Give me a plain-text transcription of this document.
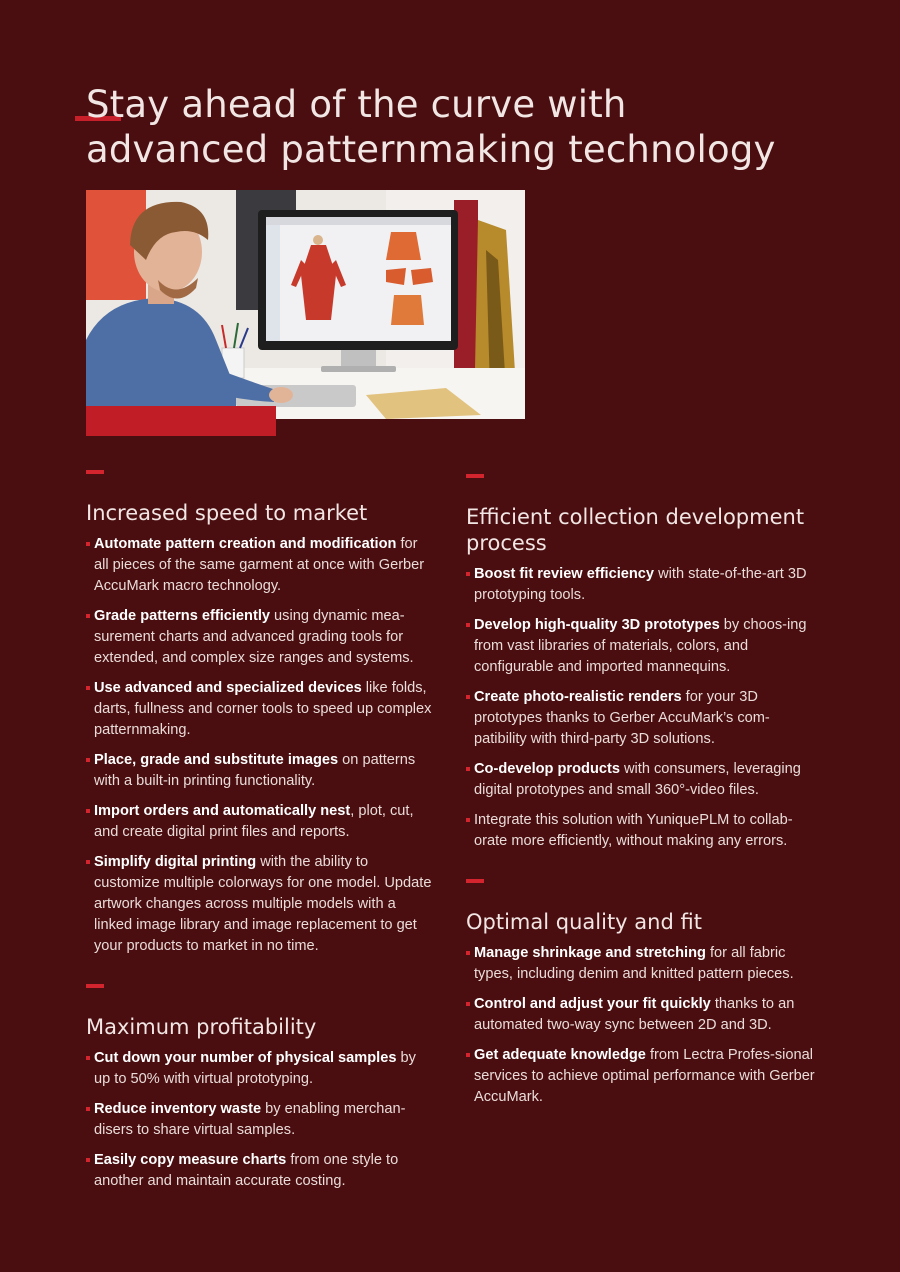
Stay ahead of the curve with
advanced patternmaking technology
Increased speed to market
Automate pattern creation and modification for all pieces of the same garment at once with Gerber AccuMark macro technology.
Grade patterns efficiently using dynamic mea-surement charts and advanced grading tools for extended, and complex size ranges and systems.
Use advanced and specialized devices like folds, darts, fullness and corner tools to speed up complex patternmaking.
Place, grade and substitute images on patterns with a built-in printing functionality.
Import orders and automatically nest, plot, cut, and create digital print files and reports.
Simplify digital printing with the ability to customize multiple colorways for one model. Update artwork changes across multiple models with a linked image library and image replacement to get your products to market in no time.
Maximum profitability
Cut down your number of physical samples by up to 50% with virtual prototyping.
Reduce inventory waste by enabling merchan-disers to share virtual samples.
Easily copy measure charts from one style to another and maintain accurate costing.
Efficient collection development process
Boost fit review efficiency with state-of-the-art 3D prototyping tools.
Develop high-quality 3D prototypes by choos-ing from vast libraries of materials, colors, and configurable and imported mannequins.
Create photo-realistic renders for your 3D prototypes thanks to Gerber AccuMark’s com-patibility with third-party 3D solutions.
Co-develop products with consumers, leveraging digital prototypes and small 360°-video files.
Integrate this solution with YuniquePLM to collab-orate more efficiently, without making any errors.
Optimal quality and fit
Manage shrinkage and stretching for all fabric types, including denim and knitted pattern pieces.
Control and adjust your fit quickly thanks to an automated two-way sync between 2D and 3D.
Get adequate knowledge from Lectra Profes-sional services to achieve optimal performance with Gerber AccuMark.
